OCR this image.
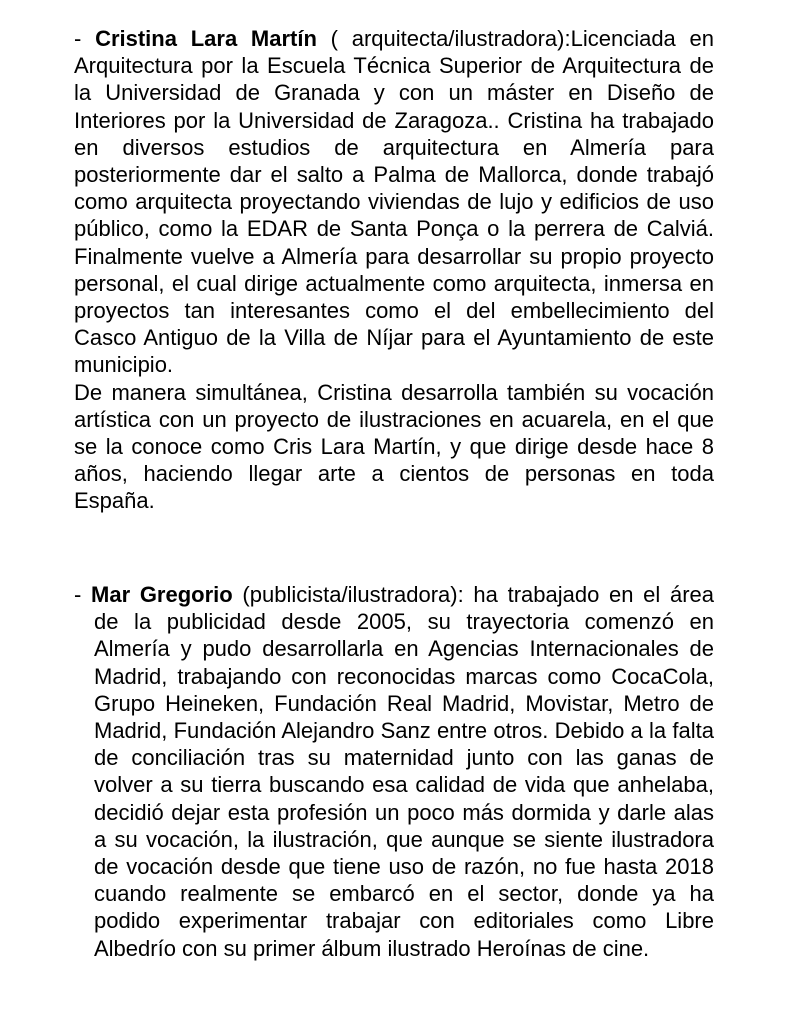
- Cristina Lara Martín ( arquitecta/ilustradora):Licenciada en Arquitectura por la Escuela Técnica Superior de Arquitectura de la Universidad de Granada y con un máster en Diseño de Interiores por la Universidad de Zaragoza.. Cristina ha trabajado en diversos estudios de arquitectura en Almería para posteriormente dar el salto a Palma de Mallorca, donde trabajó como arquitecta proyectando viviendas de lujo y edificios de uso público, como la EDAR de Santa Ponça o la perrera de Calviá. Finalmente vuelve a Almería para desarrollar su propio proyecto personal, el cual dirige actualmente como arquitecta, inmersa en proyectos tan interesantes como el del embellecimiento del Casco Antiguo de la Villa de Níjar para el Ayuntamiento de este municipio.
De manera simultánea, Cristina desarrolla también su vocación artística con un proyecto de ilustraciones en acuarela, en el que se la conoce como Cris Lara Martín, y que dirige desde hace 8 años, haciendo llegar arte a cientos de personas en toda España.
- Mar Gregorio (publicista/ilustradora): ha trabajado en el área de la publicidad desde 2005, su trayectoria comenzó en Almería y pudo desarrollarla en Agencias Internacionales de Madrid, trabajando con reconocidas marcas como CocaCola, Grupo Heineken, Fundación Real Madrid, Movistar, Metro de Madrid, Fundación Alejandro Sanz entre otros. Debido a la falta de conciliación tras su maternidad junto con las ganas de volver a su tierra buscando esa calidad de vida que anhelaba, decidió dejar esta profesión un poco más dormida y darle alas a su vocación, la ilustración, que aunque se siente ilustradora de vocación desde que tiene uso de razón, no fue hasta 2018 cuando realmente se embarcó en el sector, donde ya ha podido experimentar trabajar con editoriales como Libre Albedrío con su primer álbum ilustrado Heroínas de cine.
